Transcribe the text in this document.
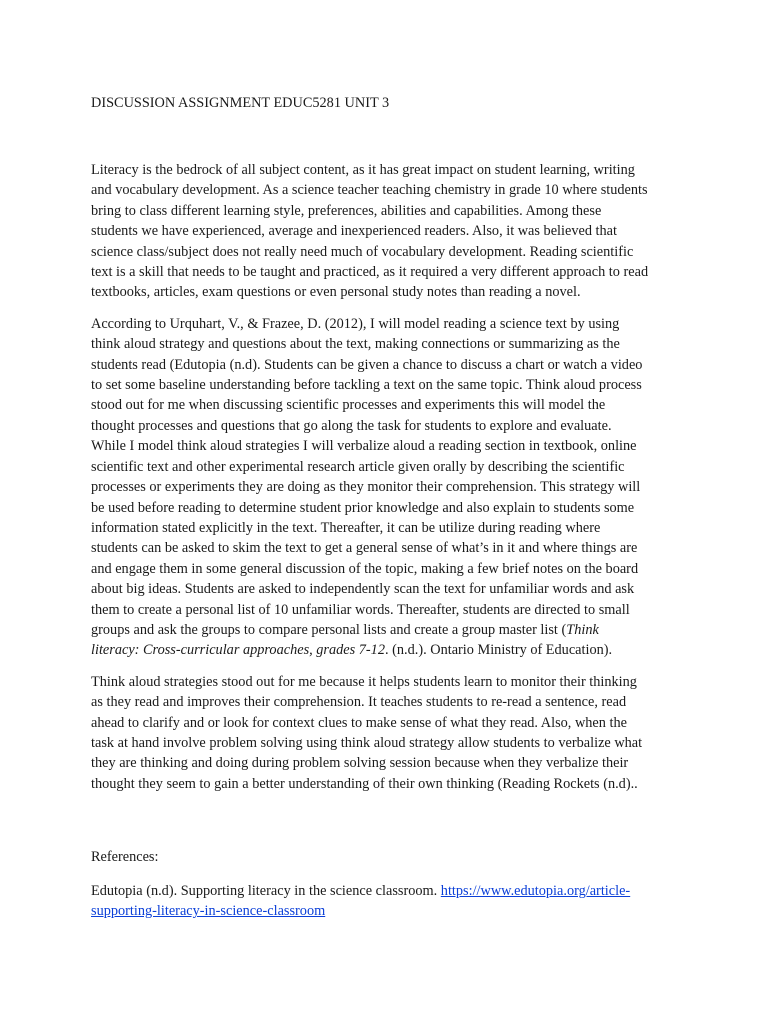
DISCUSSION ASSIGNMENT EDUC5281 UNIT 3

Literacy is the bedrock of all subject content, as it has great impact on student learning, writing
and vocabulary development. As a science teacher teaching chemistry in grade 10 where students
bring to class different learning style, preferences, abilities and capabilities. Among these
students we have experienced, average and inexperienced readers. Also, it was believed that
science class/subject does not really need much of vocabulary development. Reading scientific
text is a skill that needs to be taught and practiced, as it required a very different approach to read
textbooks, articles, exam questions or even personal study notes than reading a novel.

According to Urquhart, V., & Frazee, D. (2012), I will model reading a science text by using
think aloud strategy and questions about the text, making connections or summarizing as the
students read (Edutopia (n.d). Students can be given a chance to discuss a chart or watch a video
to set some baseline understanding before tackling a text on the same topic. Think aloud process
stood out for me when discussing scientific processes and experiments this will model the
thought processes and questions that go along the task for students to explore and evaluate.
While I model think aloud strategies I will verbalize aloud a reading section in textbook, online
scientific text and other experimental research article given orally by describing the scientific
processes or experiments they are doing as they monitor their comprehension. This strategy will
be used before reading to determine student prior knowledge and also explain to students some
information stated explicitly in the text. Thereafter, it can be utilize during reading where
students can be asked to skim the text to get a general sense of what’s in it and where things are
and engage them in some general discussion of the topic, making a few brief notes on the board
about big ideas. Students are asked to independently scan the text for unfamiliar words and ask
them to create a personal list of 10 unfamiliar words. Thereafter, students are directed to small
groups and ask the groups to compare personal lists and create a group master list (Think
literacy: Cross-curricular approaches, grades 7-12. (n.d.). Ontario Ministry of Education).

Think aloud strategies stood out for me because it helps students learn to monitor their thinking
as they read and improves their comprehension. It teaches students to re-read a sentence, read
ahead to clarify and or look for context clues to make sense of what they read. Also, when the
task at hand involve problem solving using think aloud strategy allow students to verbalize what
they are thinking and doing during problem solving session because when they verbalize their
thought they seem to gain a better understanding of their own thinking (Reading Rockets (n.d)..

References:

Edutopia (n.d). Supporting literacy in the science classroom. https://www.edutopia.org/article-
supporting-literacy-in-science-classroom
